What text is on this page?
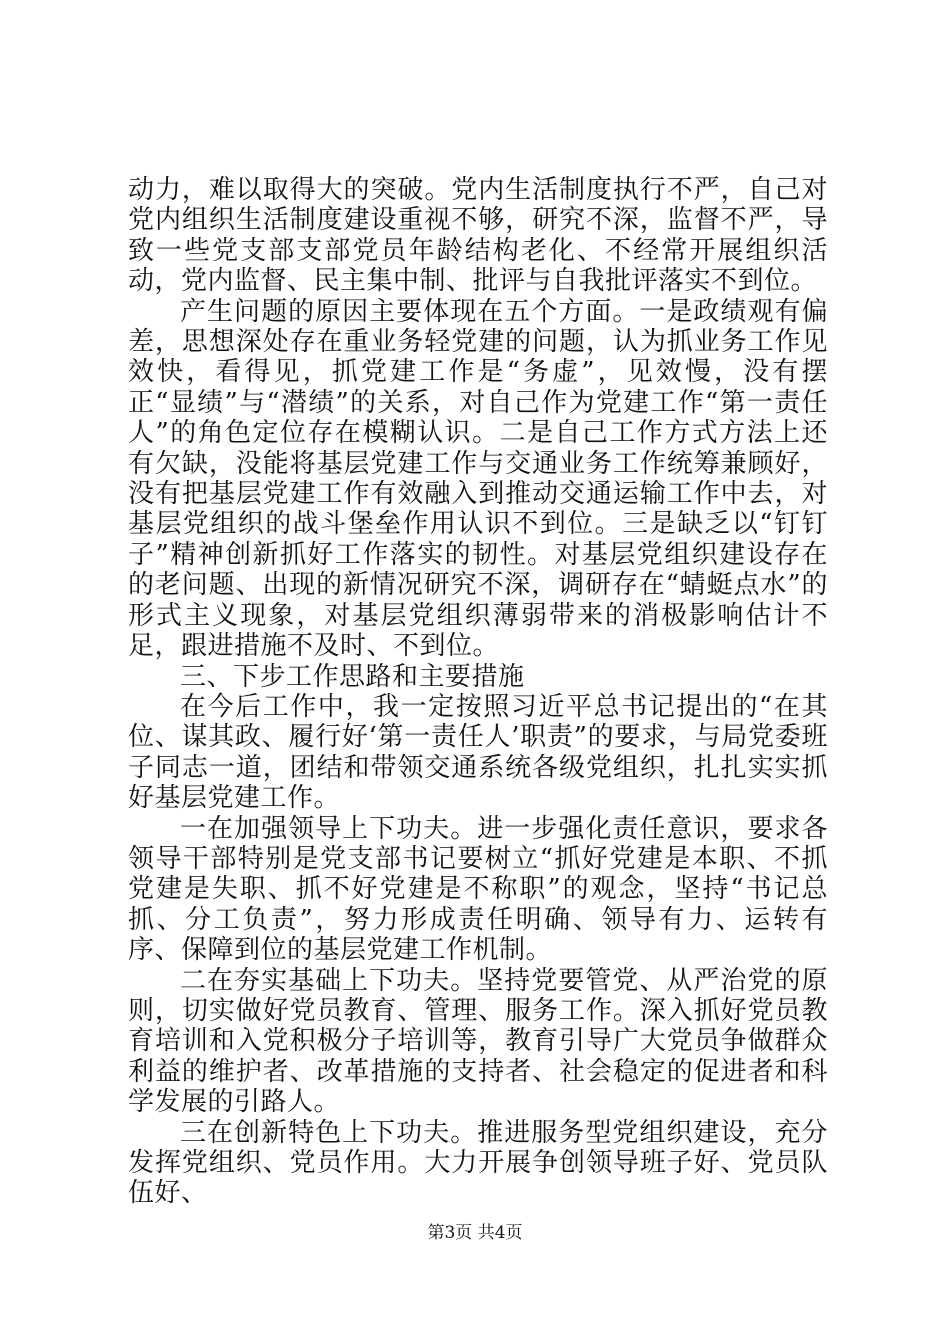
动力，难以取得大的突破。党内生活制度执行不严，自己对党内组织生活制度建设重视不够，研究不深，监督不严，导致一些党支部支部党员年龄结构老化、不经常开展组织活动，党内监督、民主集中制、批评与自我批评落实不到位。

产生问题的原因主要体现在五个方面。一是政绩观有偏差，思想深处存在重业务轻党建的问题，认为抓业务工作见效快，看得见，抓党建工作是“务虚”，见效慢，没有摆正“显绩”与“潜绩”的关系，对自己作为党建工作“第一责任人”的角色定位存在模糊认识。二是自己工作方式方法上还有欠缺，没能将基层党建工作与交通业务工作统筹兼顾好，没有把基层党建工作有效融入到推动交通运输工作中去，对基层党组织的战斗堡垒作用认识不到位。三是缺乏以“钉钉子”精神创新抓好工作落实的韧性。对基层党组织建设存在的老问题、出现的新情况研究不深，调研存在“蜻蜓点水”的形式主义现象，对基层党组织薄弱带来的消极影响估计不足，跟进措施不及时、不到位。

三、下步工作思路和主要措施

在今后工作中，我一定按照习近平总书记提出的“在其位、谋其政、履行好‘第一责任人’职责”的要求，与局党委班子同志一道，团结和带领交通系统各级党组织，扎扎实实抓好基层党建工作。

一在加强领导上下功夫。进一步强化责任意识，要求各领导干部特别是党支部书记要树立“抓好党建是本职、不抓党建是失职、抓不好党建是不称职”的观念，坚持“书记总抓、分工负责”，努力形成责任明确、领导有力、运转有序、保障到位的基层党建工作机制。

二在夯实基础上下功夫。坚持党要管党、从严治党的原则，切实做好党员教育、管理、服务工作。深入抓好党员教育培训和入党积极分子培训等，教育引导广大党员争做群众利益的维护者、改革措施的支持者、社会稳定的促进者和科学发展的引路人。

三在创新特色上下功夫。推进服务型党组织建设，充分发挥党组织、党员作用。大力开展争创领导班子好、党员队伍好、

第3页 共4页
